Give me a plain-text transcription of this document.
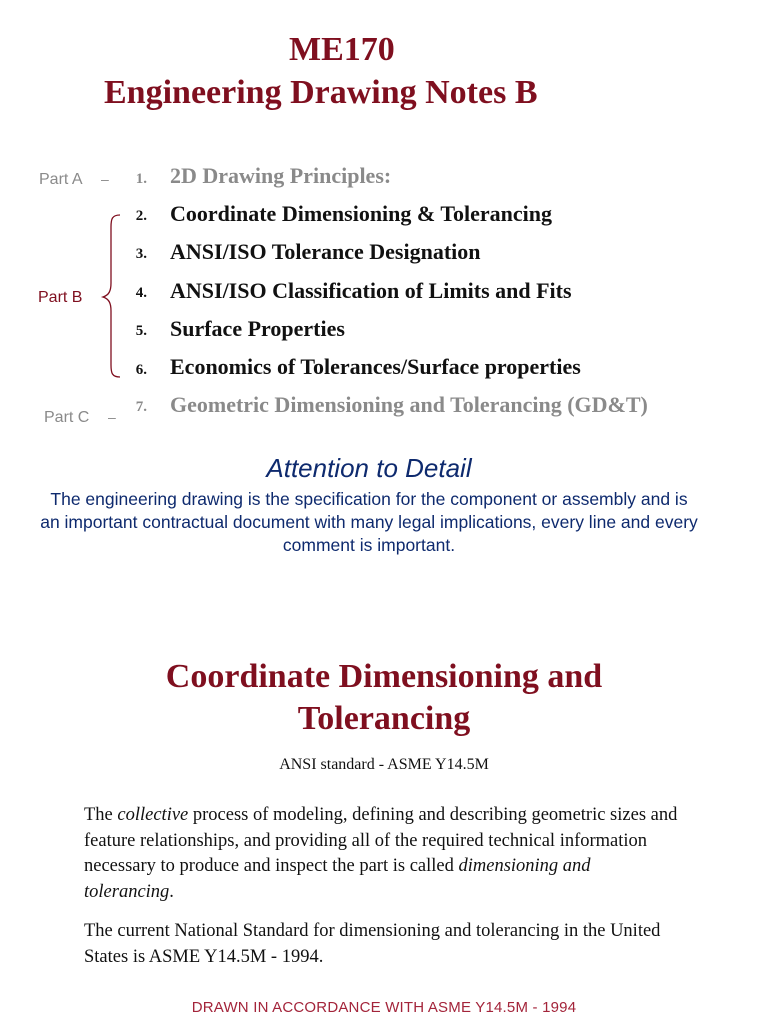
ME170
Engineering Drawing Notes B
Part A –
Part B
Part C –
1. 2D Drawing Principles:
2. Coordinate Dimensioning & Tolerancing
3. ANSI/ISO Tolerance Designation
4. ANSI/ISO Classification of Limits and Fits
5. Surface Properties
6. Economics of Tolerances/Surface properties
7. Geometric Dimensioning and Tolerancing (GD&T)
Attention to Detail
The engineering drawing is the specification for the component or assembly and is an important contractual document with many legal implications, every line and every comment is important.
Coordinate Dimensioning and Tolerancing
ANSI standard - ASME Y14.5M
The collective process of modeling, defining and describing geometric sizes and feature relationships, and providing all of the required technical information necessary to produce and inspect the part is called dimensioning and tolerancing.
The current National Standard for dimensioning and tolerancing in the United States is ASME Y14.5M - 1994.
DRAWN IN ACCORDANCE WITH ASME Y14.5M - 1994
